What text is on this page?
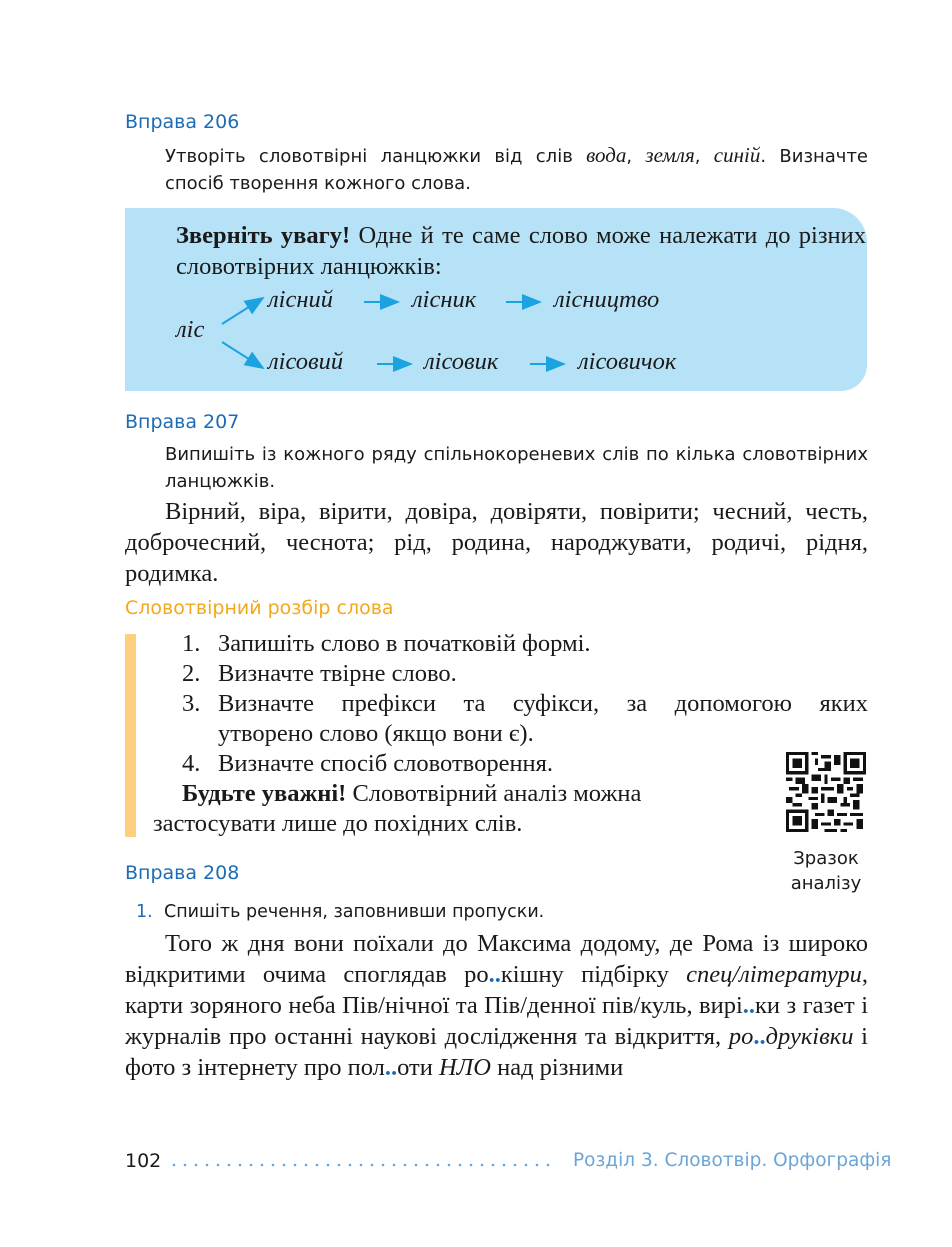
Вправа 206
Утворіть словотвірні ланцюжки від слів вода, земля, синій. Визначте спосіб творення кожного слова.
Зверніть увагу! Одне й те саме слово може належати до різних словотвірних ланцюжків:
ліс
лісний	лісник	лісництво
лісовий	лісовик	лісовичок
Вправа 207
Випишіть із кожного ряду спільнокореневих слів по кілька словотвірних ланцюжків.
Вірний, віра, вірити, довіра, довіряти, повірити; чесний, честь, доброчесний, чеснота; рід, родина, народжувати, родичі, рідня, родимка.
Словотвірний розбір слова
1. Запишіть слово в початковій формі.
2. Визначте твірне слово.
3. Визначте префікси та суфікси, за допомогою яких
утворено слово (якщо вони є).
4. Визначте спосіб словотворення.
Будьте уважні! Словотвірний аналіз можна
застосувати лише до похідних слів.
Зразок
аналізу
Вправа 208
1. Спишіть речення, заповнивши пропуски.
Того ж дня вони поїхали до Максима додому, де Рома із широко відкритими очима споглядав ро..кішну підбірку спец/літератури, карти зоряного неба Пів/нічної та Пів/денної пів/куль, вирі..ки з газет і журналів про останні наукові дослідження та відкриття, ро..друківки і фото з інтернету про пол..оти НЛО над різними
102	Розділ 3. Словотвір. Орфографія
